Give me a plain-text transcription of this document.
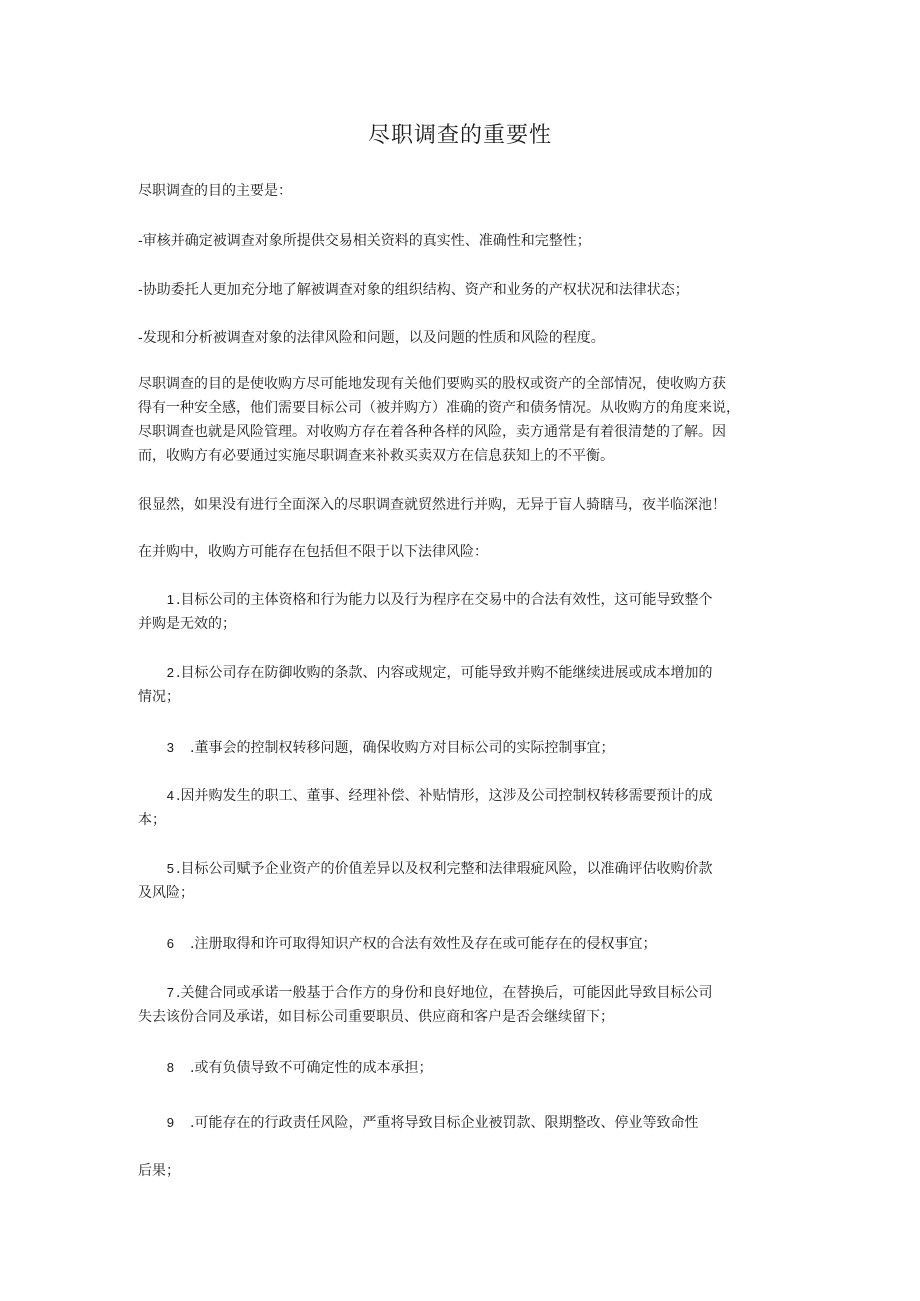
尽职调查的重要性

尽职调查的目的主要是：

-审核并确定被调查对象所提供交易相关资料的真实性、准确性和完整性；

-协助委托人更加充分地了解被调查对象的组织结构、资产和业务的产权状况和法律状态；

-发现和分析被调查对象的法律风险和问题，以及问题的性质和风险的程度。

尽职调查的目的是使收购方尽可能地发现有关他们要购买的股权或资产的全部情况，使收购方获

得有一种安全感，他们需要目标公司（被并购方）准确的资产和债务情况。从收购方的角度来说，

尽职调查也就是风险管理。对收购方存在着各种各样的风险，卖方通常是有着很清楚的了解。因

而，收购方有必要通过实施尽职调查来补救买卖双方在信息获知上的不平衡。

很显然，如果没有进行全面深入的尽职调查就贸然进行并购，无异于盲人骑瞎马，夜半临深池！

在并购中，收购方可能存在包括但不限于以下法律风险：

1 .目标公司的主体资格和行为能力以及行为程序在交易中的合法有效性，这可能导致整个

并购是无效的；

2 .目标公司存在防御收购的条款、内容或规定，可能导致并购不能继续进展或成本增加的

情况；

3 .董事会的控制权转移问题，确保收购方对目标公司的实际控制事宜；

4 .因并购发生的职工、董事、经理补偿、补贴情形，这涉及公司控制权转移需要预计的成

本；

5 .目标公司赋予企业资产的价值差异以及权利完整和法律瑕疵风险，以准确评估收购价款

及风险；

6 .注册取得和许可取得知识产权的合法有效性及存在或可能存在的侵权事宜；

7 .关健合同或承诺一般基于合作方的身份和良好地位，在替换后，可能因此导致目标公司

失去该份合同及承诺，如目标公司重要职员、供应商和客户是否会继续留下；

8 .或有负债导致不可确定性的成本承担；

9 .可能存在的行政责任风险，严重将导致目标企业被罚款、限期整改、停业等致命性

后果；
